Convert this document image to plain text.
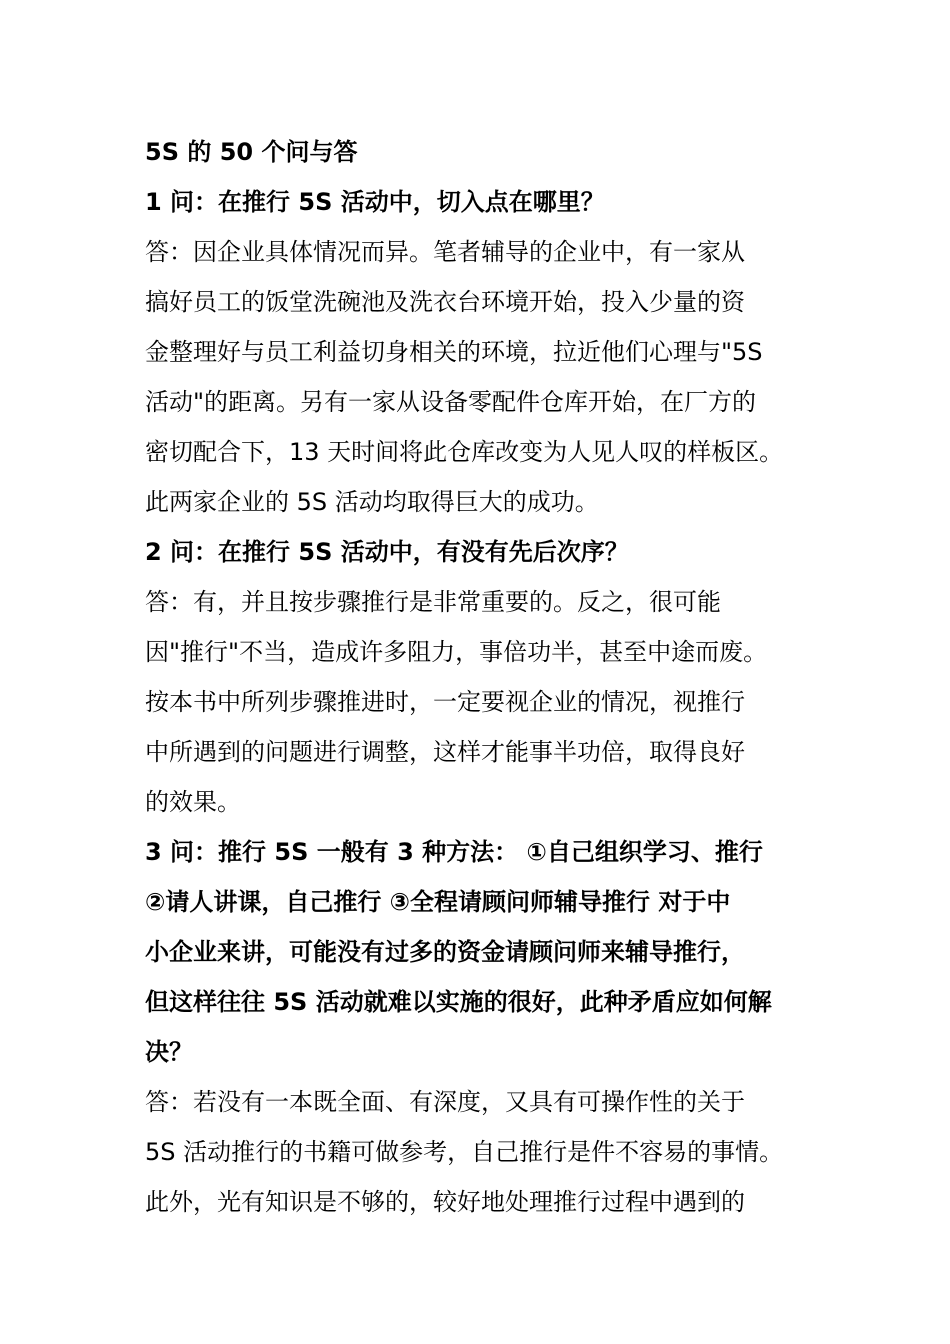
5S 的 50 个问与答
1 问：在推行 5S 活动中，切入点在哪里？
答：因企业具体情况而异。笔者辅导的企业中，有一家从
搞好员工的饭堂洗碗池及洗衣台环境开始，投入少量的资
金整理好与员工利益切身相关的环境，拉近他们心理与"5S
活动"的距离。另有一家从设备零配件仓库开始，在厂方的
密切配合下，13 天时间将此仓库改变为人见人叹的样板区。
此两家企业的 5S 活动均取得巨大的成功。
2 问：在推行 5S 活动中，有没有先后次序？
答：有，并且按步骤推行是非常重要的。反之，很可能
因"推行"不当，造成许多阻力，事倍功半，甚至中途而废。
按本书中所列步骤推进时，一定要视企业的情况，视推行
中所遇到的问题进行调整，这样才能事半功倍，取得良好
的效果。
3 问：推行 5S 一般有 3 种方法： ①自己组织学习、推行
②请人讲课，自己推行 ③全程请顾问师辅导推行 对于中
小企业来讲，可能没有过多的资金请顾问师来辅导推行，
但这样往往 5S 活动就难以实施的很好，此种矛盾应如何解
决？
答：若没有一本既全面、有深度，又具有可操作性的关于
5S 活动推行的书籍可做参考，自己推行是件不容易的事情。
此外，光有知识是不够的，较好地处理推行过程中遇到的
